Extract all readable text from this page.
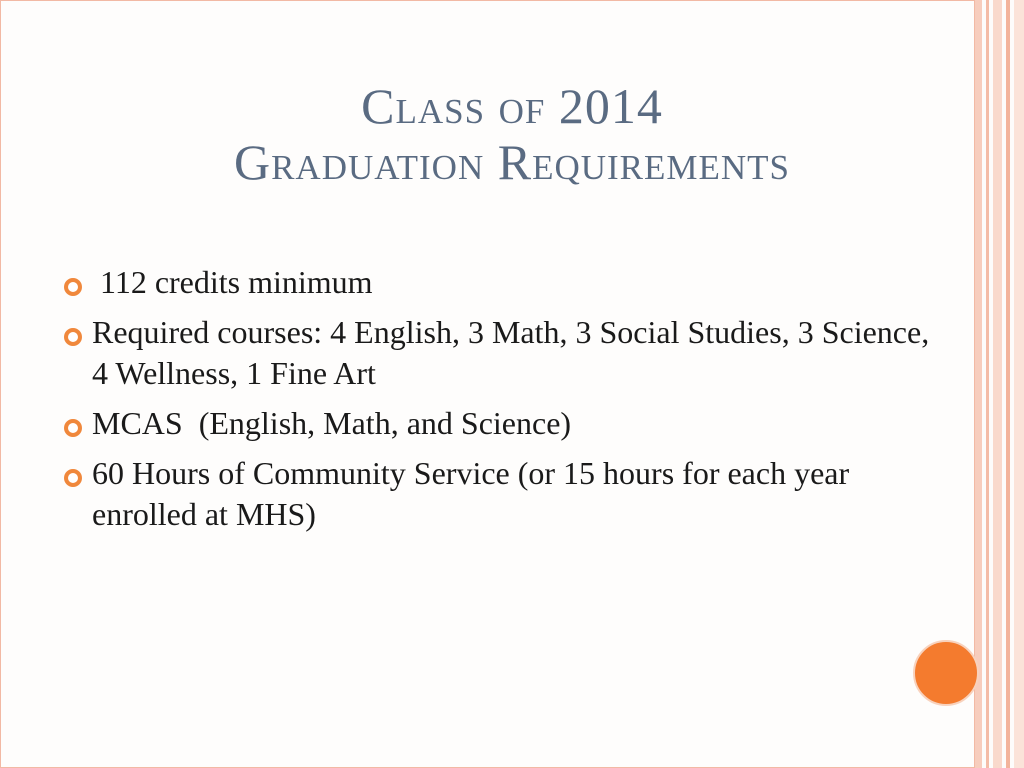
Class of 2014
Graduation Requirements
112 credits minimum
Required courses: 4 English, 3 Math, 3 Social Studies, 3 Science, 4 Wellness, 1 Fine Art
MCAS  (English, Math, and Science)
60 Hours of Community Service (or 15 hours for each year enrolled at MHS)
